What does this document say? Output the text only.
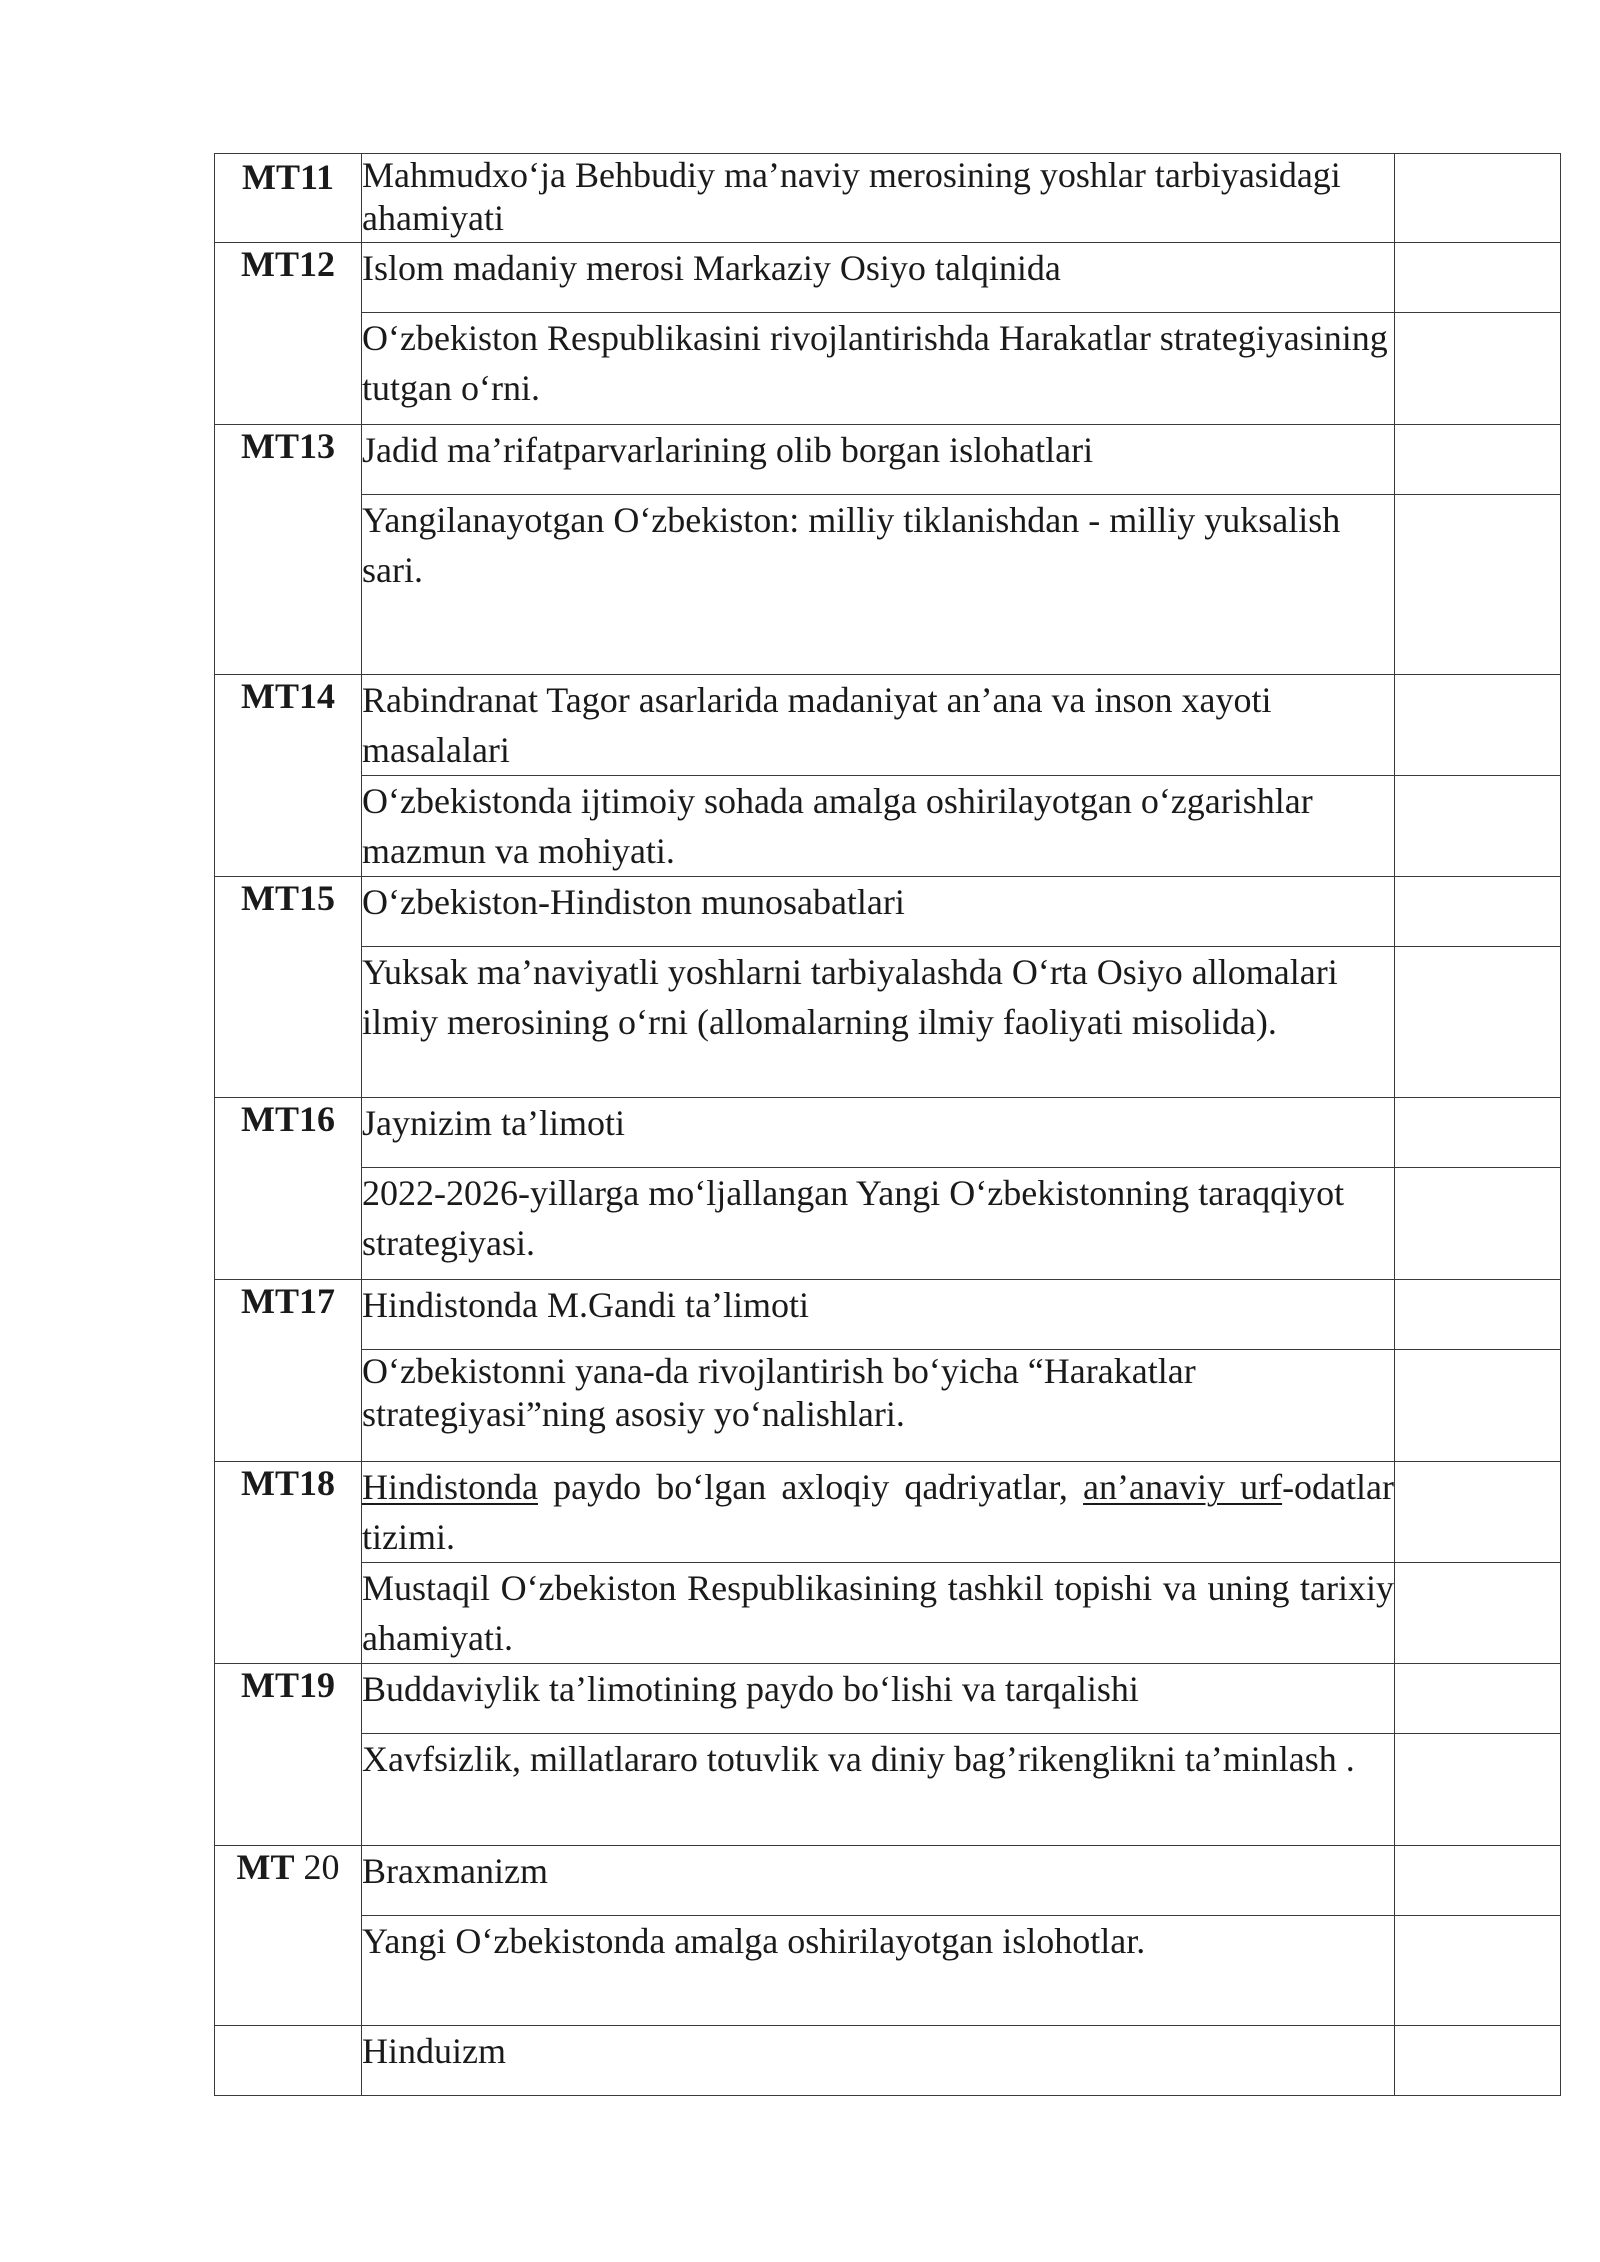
MT11	Mahmudxo‘ja Behbudiy ma’naviy merosining yoshlar tarbiyasidagi ahamiyati	
MT12	Islom madaniy merosi Markaziy Osiyo talqinida	
	O‘zbekiston Respublikasini rivojlantirishda Harakatlar strategiyasining tutgan o‘rni.	
MT13	Jadid ma’rifatparvarlarining olib borgan islohatlari	
	Yangilanayotgan O‘zbekiston: milliy tiklanishdan - milliy yuksalish sari.	
MT14	Rabindranat Tagor asarlarida madaniyat an’ana va inson xayoti masalalari	
	O‘zbekistonda ijtimoiy sohada amalga oshirilayotgan o‘zgarishlar mazmun va mohiyati.	
MT15	O‘zbekiston-Hindiston munosabatlari	
	Yuksak ma’naviyatli yoshlarni tarbiyalashda O‘rta Osiyo allomalari ilmiy merosining o‘rni (allomalarning ilmiy faoliyati misolida).	
MT16	Jaynizim ta’limoti	
	2022-2026-yillarga mo‘ljallangan Yangi O‘zbekistonning taraqqiyot strategiyasi.	
MT17	Hindistonda M.Gandi ta’limoti	
	O‘zbekistonni yana-da rivojlantirish bo‘yicha “Harakatlar strategiyasi”ning asosiy yo‘nalishlari.	
MT18	Hindistonda paydo bo‘lgan axloqiy qadriyatlar, an’anaviy urf-odatlar tizimi.	
	Mustaqil O‘zbekiston Respublikasining tashkil topishi va uning tarixiy ahamiyati.	
MT19	Buddaviylik ta’limotining paydo bo‘lishi va tarqalishi	
	Xavfsizlik, millatlararo totuvlik va diniy bag’rikenglikni ta’minlash .	
MT 20	Braxmanizm	
	Yangi O‘zbekistonda amalga oshirilayotgan islohotlar.	
	Hinduizm	
